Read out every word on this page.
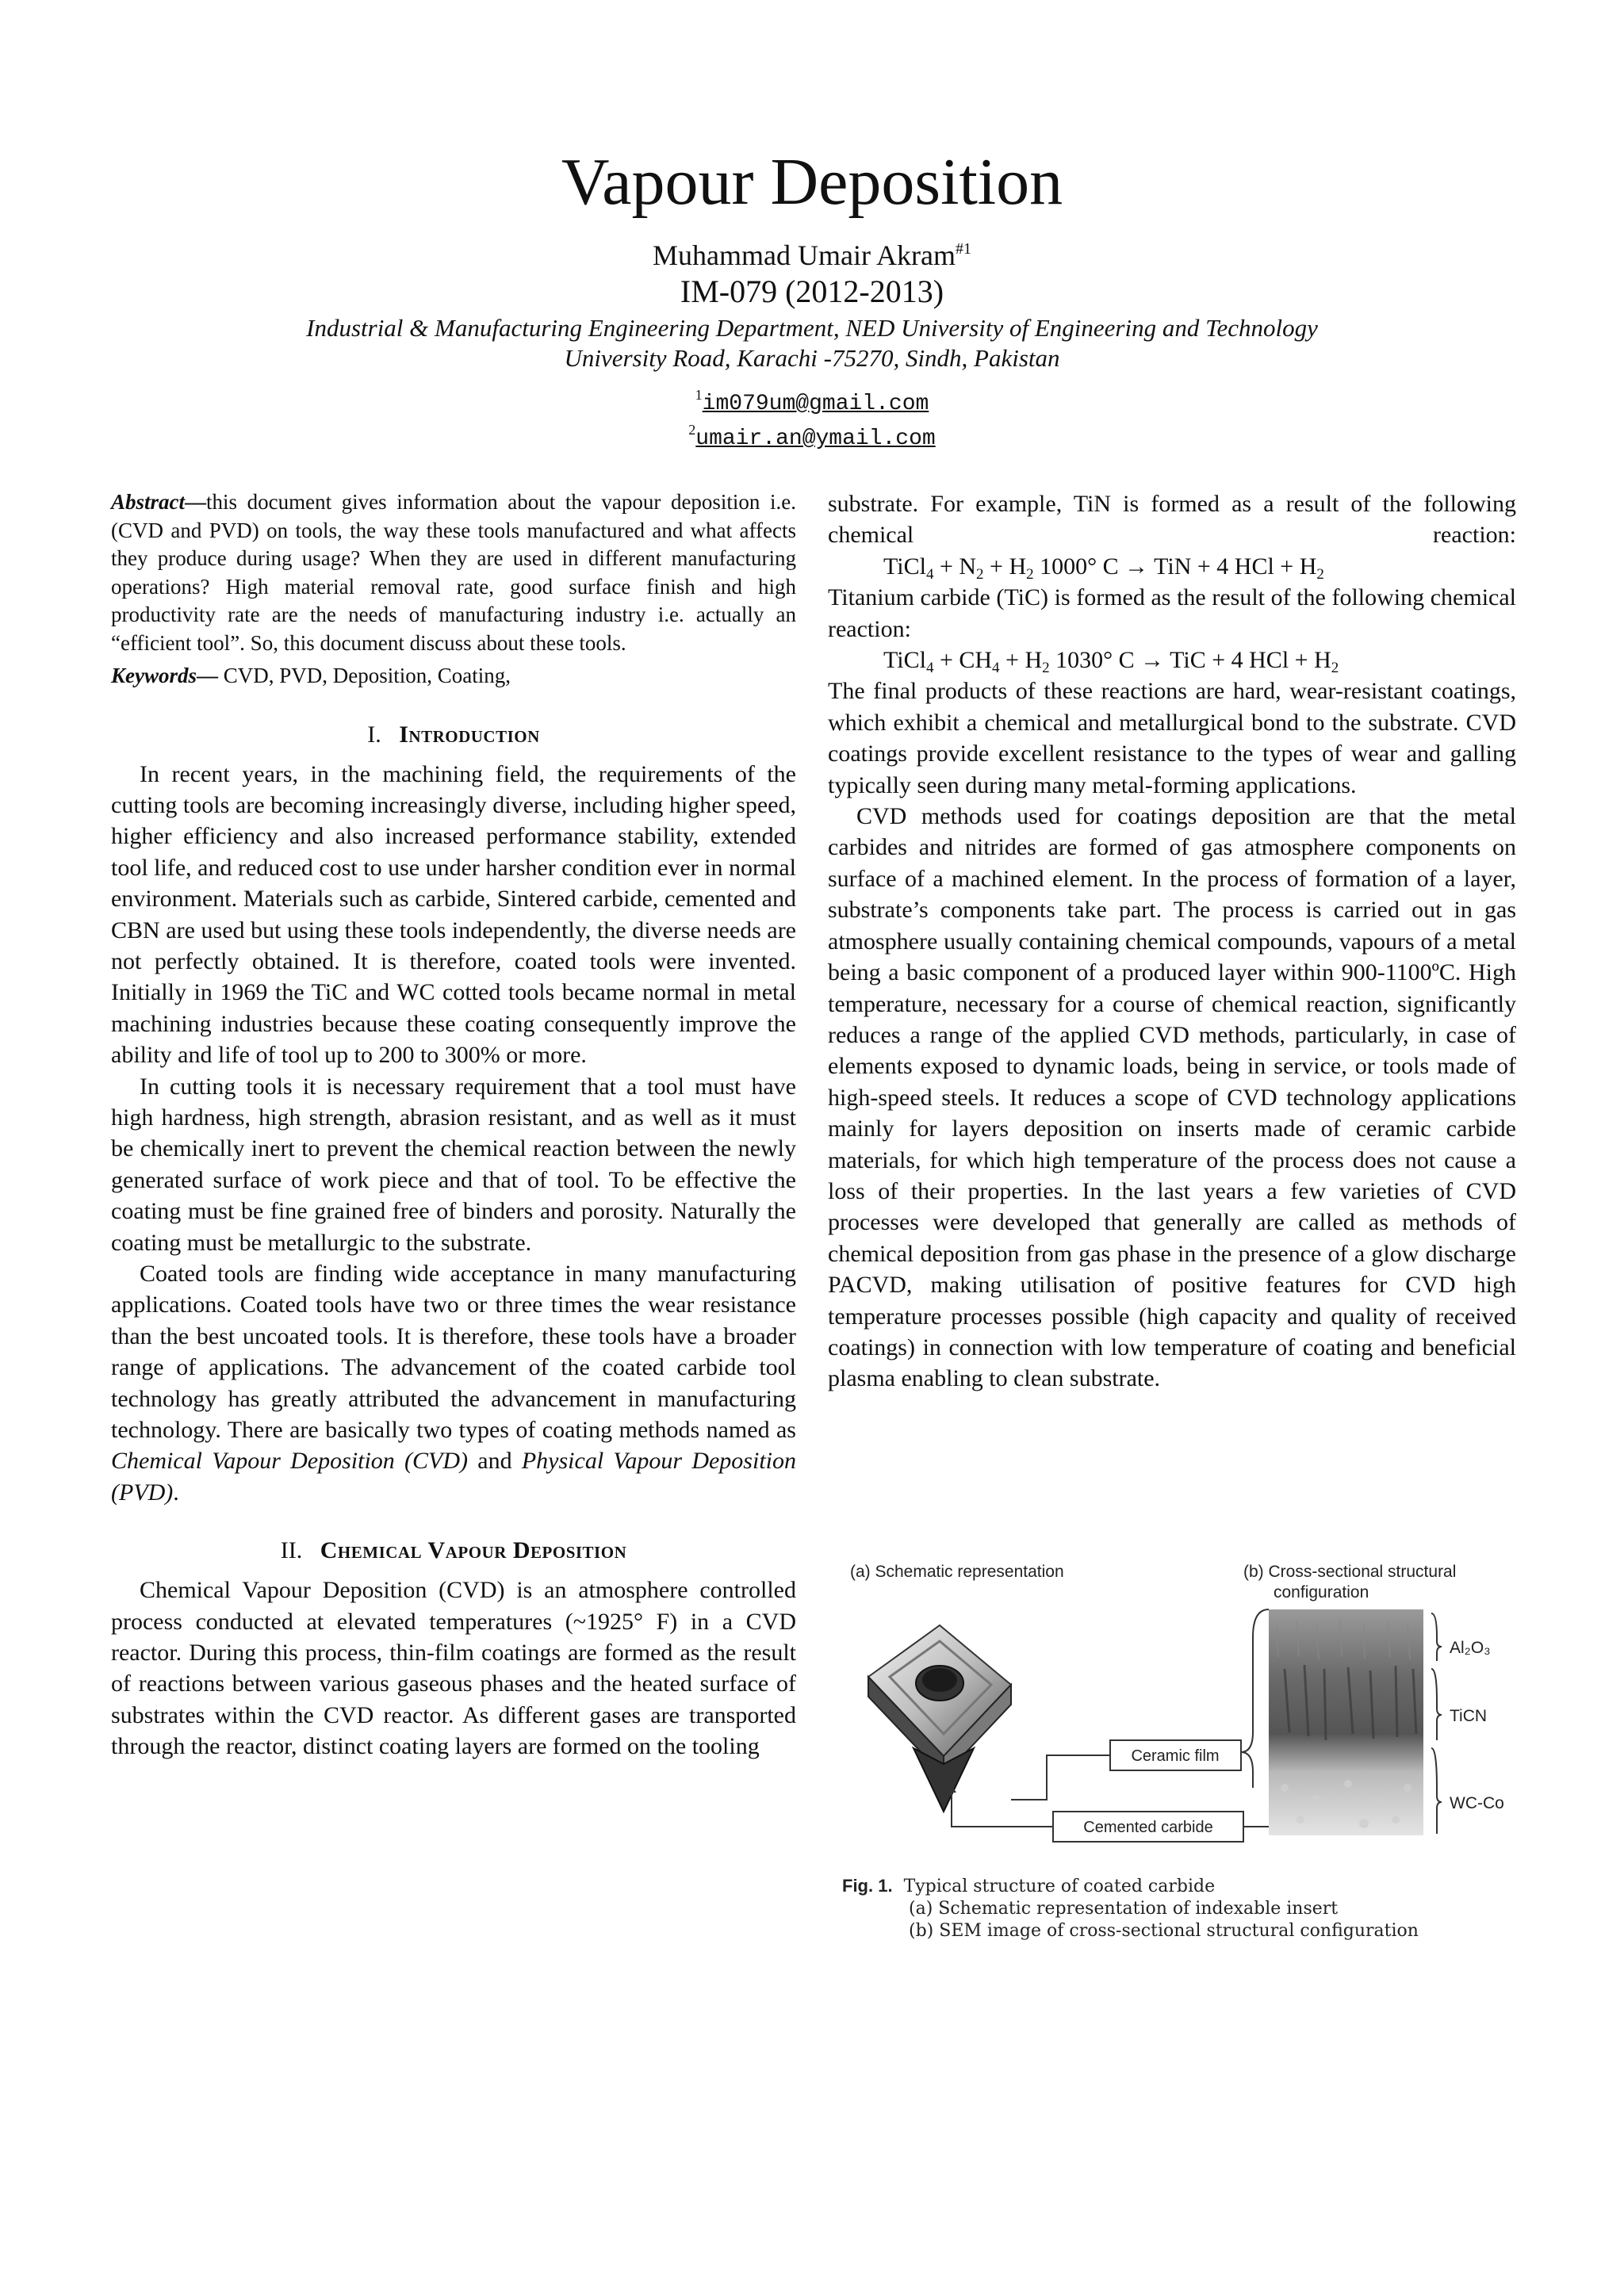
Vapour Deposition
Muhammad Umair Akram$^{\#1}$
IM-079 (2012-2013)
Industrial & Manufacturing Engineering Department, NED University of Engineering and Technology
University Road, Karachi -75270, Sindh, Pakistan
$^1$im079um@gmail.com
$^2$umair.an@ymail.com

Abstract—this document gives information about the vapour deposition i.e. (CVD and PVD) on tools, the way these tools manufactured and what affects they produce during usage? When they are used in different manufacturing operations? High material removal rate, good surface finish and high productivity rate are the needs of manufacturing industry i.e. actually an “efficient tool”. So, this document discuss about these tools.

Keywords— CVD, PVD, Deposition, Coating,

I. Introduction

In recent years, in the machining field, the requirements of the cutting tools are becoming increasingly diverse, including higher speed, higher efficiency and also increased performance stability, extended tool life, and reduced cost to use under harsher condition ever in normal environment. Materials such as carbide, Sintered carbide, cemented and CBN are used but using these tools independently, the diverse needs are not perfectly obtained. It is therefore, coated tools were invented. Initially in 1969 the TiC and WC cotted tools became normal in metal machining industries because these coating consequently improve the ability and life of tool up to 200 to 300% or more.

In cutting tools it is necessary requirement that a tool must have high hardness, high strength, abrasion resistant, and as well as it must be chemically inert to prevent the chemical reaction between the newly generated surface of work piece and that of tool. To be effective the coating must be fine grained free of binders and porosity. Naturally the coating must be metallurgic to the substrate.

Coated tools are finding wide acceptance in many manufacturing applications. Coated tools have two or three times the wear resistance than the best uncoated tools. It is therefore, these tools have a broader range of applications. The advancement of the coated carbide tool technology has greatly attributed the advancement in manufacturing technology. There are basically two types of coating methods named as Chemical Vapour Deposition (CVD) and Physical Vapour Deposition (PVD).

II. Chemical Vapour Deposition

Chemical Vapour Deposition (CVD) is an atmosphere controlled process conducted at elevated temperatures (~1925° F) in a CVD reactor. During this process, thin-film coatings are formed as the result of reactions between various gaseous phases and the heated surface of substrates within the CVD reactor. As different gases are transported through the reactor, distinct coating layers are formed on the tooling

substrate. For example, TiN is formed as a result of the following chemical reaction:

TiCl$_4$ + $N_2 + H_2$ 1000° C → TiN + 4 HCl + $H_2$

Titanium carbide (TiC) is formed as the result of the following chemical reaction:

TiCl$_4$ + $CH_4 + H_2$ 1030° C → TiC + 4 HCl + $H_2$

The final products of these reactions are hard, wear-resistant coatings, which exhibit a chemical and metallurgical bond to the substrate. CVD coatings provide excellent resistance to the types of wear and galling typically seen during many metal-forming applications.

CVD methods used for coatings deposition are that the metal carbides and nitrides are formed of gas atmosphere components on surface of a machined element. In the process of formation of a layer, substrate’s components take part. The process is carried out in gas atmosphere usually containing chemical compounds, vapours of a metal being a basic component of a produced layer within 900-1100ºC. High temperature, necessary for a course of chemical reaction, significantly reduces a range of the applied CVD methods, particularly, in case of elements exposed to dynamic loads, being in service, or tools made of high-speed steels. It reduces a scope of CVD technology applications mainly for layers deposition on inserts made of ceramic carbide materials, for which high temperature of the process does not cause a loss of their properties. In the last years a few varieties of CVD processes were developed that generally are called as methods of chemical deposition from gas phase in the presence of a glow discharge PACVD, making utilisation of positive features for CVD high temperature processes possible (high capacity and quality of received coatings) in connection with low temperature of coating and beneficial plasma enabling to clean substrate.

(a) Schematic representation	(b) Cross-sectional structural
configuration
Al₂O₃
TiCN
WC-Co
Ceramic film
Cemented carbide
Fig. 1. Typical structure of coated carbide
(a) Schematic representation of indexable insert
(b) SEM image of cross-sectional structural configuration
